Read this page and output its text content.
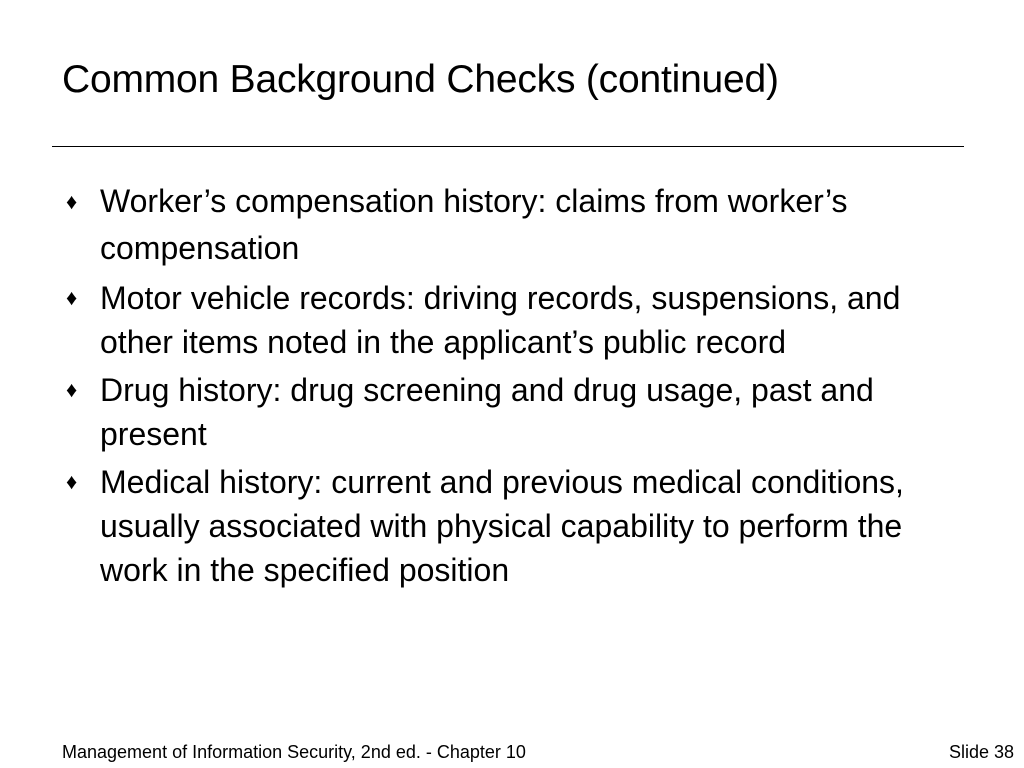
Common Background Checks (continued)
♦ Worker’s compensation history: claims from worker’s compensation
♦ Motor vehicle records: driving records, suspensions, and other items noted in the applicant’s public record
♦ Drug history: drug screening and drug usage, past and present
♦ Medical history: current and previous medical conditions, usually associated with physical capability to perform the work in the specified position
Management of Information Security, 2nd ed. - Chapter 10	Slide 38
